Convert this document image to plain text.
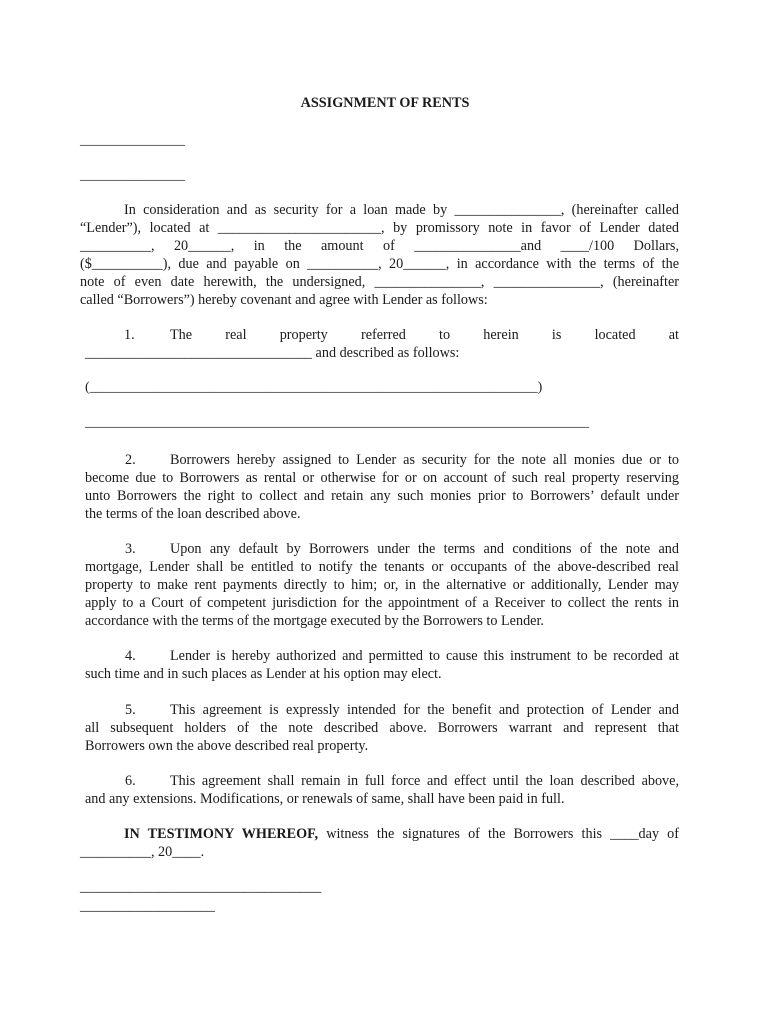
ASSIGNMENT OF RENTS
_______________
_______________

In consideration and as security for a loan made by _______________, (hereinafter called

“Lender”), located at _______________________, by promissory note in favor of Lender dated

__________, 20______, in the amount of _______________and ____/100 Dollars,

($__________), due and payable on __________, 20______, in accordance with the terms of the

note of even date herewith, the undersigned, _______________, _______________, (hereinafter

called “Borrowers”) hereby covenant and agree with Lender as follows:

1.	The real property referred to herein is located at

________________________________ and described as follows:

(________________________________________________________________)
________________________________________________________________________

2.	Borrowers hereby assigned to Lender as security for the note all monies due or to

become due to Borrowers as rental or otherwise for or on account of such real property reserving

unto Borrowers the right to collect and retain any such monies prior to Borrowers’ default under

the terms of the loan described above.

3.	Upon any default by Borrowers under the terms and conditions of the note and

mortgage, Lender shall be entitled to notify the tenants or occupants of the above-described real

property to make rent payments directly to him; or, in the alternative or additionally, Lender may

apply to a Court of competent jurisdiction for the appointment of a Receiver to collect the rents in

accordance with the terms of the mortgage executed by the Borrowers to Lender.

4.	Lender is hereby authorized and permitted to cause this instrument to be recorded at

such time and in such places as Lender at his option may elect.

5.	This agreement is expressly intended for the benefit and protection of Lender and

all subsequent holders of the note described above. Borrowers warrant and represent that

Borrowers own the above described real property.

6.	This agreement shall remain in full force and effect until the loan described above,

and any extensions. Modifications, or renewals of same, shall have been paid in full.

IN TESTIMONY WHEREOF, witness the signatures of the Borrowers this ____day of

__________, 20____.

__________________________________
___________________
